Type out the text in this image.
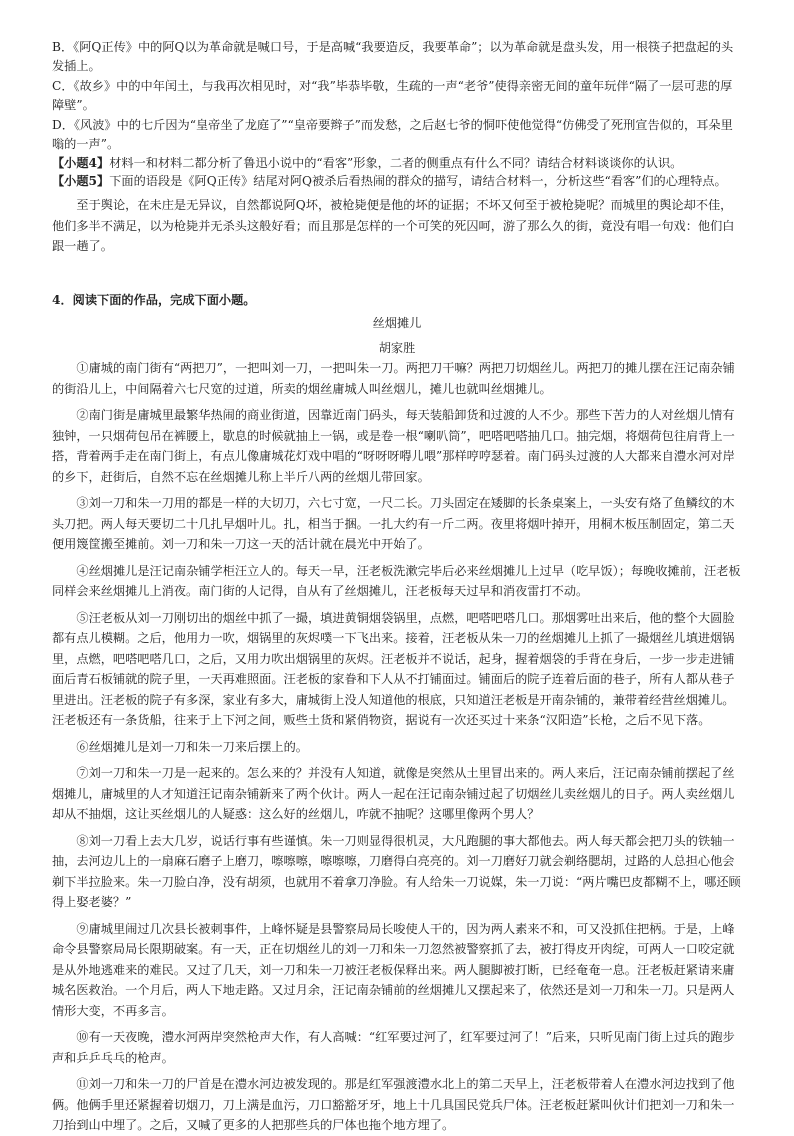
B．《阿Q正传》中的阿Q以为革命就是喊口号，于是高喊“我要造反，我要革命”；以为革命就是盘头发，用一根筷子把盘起的头发插上。

C．《故乡》中的中年闰土，与我再次相见时，对“我”毕恭毕敬，生疏的一声“老爷”使得亲密无间的童年玩伴“隔了一层可悲的厚障壁”。

D．《风波》中的七斤因为“皇帝坐了龙庭了”“皇帝要辫子”而发愁，之后赵七爷的恫吓使他觉得“仿佛受了死刑宣告似的，耳朵里嗡的一声”。

【小题4】材料一和材料二都分析了鲁迅小说中的“看客”形象，二者的侧重点有什么不同？请结合材料谈谈你的认识。

【小题5】下面的语段是《阿Q正传》结尾对阿Q被杀后看热闹的群众的描写，请结合材料一，分析这些“看客”们的心理特点。

至于舆论，在未庄是无异议，自然都说阿Q坏，被枪毙便是他的坏的证据；不坏又何至于被枪毙呢？而城里的舆论却不佳，他们多半不满足，以为枪毙并无杀头这般好看；而且那是怎样的一个可笑的死囚呵，游了那么久的街，竟没有唱一句戏：他们白跟一趟了。

4．阅读下面的作品，完成下面小题。
丝烟摊儿
胡家胜

①庸城的南门街有“两把刀”，一把叫刘一刀，一把叫朱一刀。两把刀干嘛？两把刀切烟丝儿。两把刀的摊儿摆在汪记南杂铺的街沿儿上，中间隔着六七尺宽的过道，所卖的烟丝庸城人叫丝烟儿，摊儿也就叫丝烟摊儿。

②南门街是庸城里最繁华热闹的商业街道，因靠近南门码头，每天装船卸货和过渡的人不少。那些下苦力的人对丝烟儿情有独钟，一只烟荷包吊在裤腰上，歇息的时候就抽上一锅，或是卷一根“喇叭筒”，吧嗒吧嗒抽几口。抽完烟，将烟荷包往肩背上一搭，背着两手走在南门街上，有点儿像庸城花灯戏中唱的“呀呀呀嘚儿喂”那样哼哼瑟着。南门码头过渡的人大都来自澧水河对岸的乡下，赶街后，自然不忘在丝烟摊儿称上半斤八两的丝烟儿带回家。

③刘一刀和朱一刀用的都是一样的大切刀，六七寸宽，一尺二长。刀头固定在矮脚的长条桌案上，一头安有烙了鱼鳞纹的木头刀把。两人每天要切二十几扎早烟叶儿。扎，相当于捆。一扎大约有一斤二两。夜里将烟叶掉开，用桐木板压制固定，第二天便用篾筐搬至摊前。刘一刀和朱一刀这一天的活计就在晨光中开始了。

④丝烟摊儿是汪记南杂铺学柜汪立人的。每天一早，汪老板洗漱完毕后必来丝烟摊儿上过早（吃早饭）；每晚收摊前，汪老板同样会来丝烟摊儿上消夜。南门街的人记得，自从有了丝烟摊儿，汪老板每天过早和消夜雷打不动。

⑤汪老板从刘一刀刚切出的烟丝中抓了一撮，填进黄铜烟袋锅里，点燃，吧嗒吧嗒几口。那烟雾吐出来后，他的整个大圆脸都有点儿模糊。之后，他用力一吹，烟锅里的灰烬噗一下飞出来。接着，汪老板从朱一刀的丝烟摊儿上抓了一撮烟丝儿填进烟锅里，点燃，吧嗒吧嗒几口，之后，又用力吹出烟锅里的灰烬。汪老板并不说话，起身，握着烟袋的手背在身后，一步一步走进铺面后青石板铺就的院子里，一天再难照面。汪老板的家眷和下人从不打铺面过。铺面后的院子连着后面的巷子，所有人都从巷子里进出。汪老板的院子有多深，家业有多大，庸城街上没人知道他的根底，只知道汪老板是开南杂铺的，兼带着经营丝烟摊儿。汪老板还有一条货船，往来于上下河之间，贩些土货和紧俏物资，据说有一次还买过十来条“汉阳造”长枪，之后不见下落。

⑥丝烟摊儿是刘一刀和朱一刀来后摆上的。

⑦刘一刀和朱一刀是一起来的。怎么来的？并没有人知道，就像是突然从土里冒出来的。两人来后，汪记南杂铺前摆起了丝烟摊儿，庸城里的人才知道汪记南杂铺新来了两个伙计。两人一起在汪记南杂铺过起了切烟丝儿卖丝烟儿的日子。两人卖丝烟儿却从不抽烟，这让买丝烟儿的人疑惑：这么好的丝烟儿，咋就不抽呢？这哪里像两个男人？

⑧刘一刀看上去大几岁，说话行事有些谨慎。朱一刀则显得很机灵，大凡跑腿的事大都他去。两人每天都会把刀头的铁轴一抽，去河边儿上的一扇麻石磨子上磨刀，嚓嚓嚓，嚓嚓嚓，刀磨得白亮亮的。刘一刀磨好刀就会剃络腮胡，过路的人总担心他会剃下半拉脸来。朱一刀脸白净，没有胡须，也就用不着拿刀净脸。有人给朱一刀说媒，朱一刀说：“两片嘴巴皮都糊不上，哪还顾得上娶老婆？”

⑨庸城里闹过几次县长被刺事件，上峰怀疑是县警察局局长唆使人干的，因为两人素来不和，可又没抓住把柄。于是，上峰命令县警察局局长限期破案。有一天，正在切烟丝儿的刘一刀和朱一刀忽然被警察抓了去，被打得皮开肉绽，可两人一口咬定就是从外地逃难来的难民。又过了几天，刘一刀和朱一刀被汪老板保释出来。两人腿脚被打断，已经奄奄一息。汪老板赶紧请来庸城名医救治。一个月后，两人下地走路。又过月余，汪记南杂铺前的丝烟摊儿又摆起来了，依然还是刘一刀和朱一刀。只是两人情形大变，不再多言。

⑩有一天夜晚，澧水河两岸突然枪声大作，有人高喊：“红军要过河了，红军要过河了！”后来，只听见南门街上过兵的跑步声和乒乒乓乓的枪声。

⑪刘一刀和朱一刀的尸首是在澧水河边被发现的。那是红军强渡澧水北上的第二天早上，汪老板带着人在澧水河边找到了他俩。他俩手里还紧握着切烟刀，刀上满是血污，刀口豁豁牙牙，地上十几具国民党兵尸体。汪老板赶紧叫伙计们把刘一刀和朱一刀抬到山中埋了。之后，又喊了更多的人把那些兵的尸体也拖个地方埋了。
